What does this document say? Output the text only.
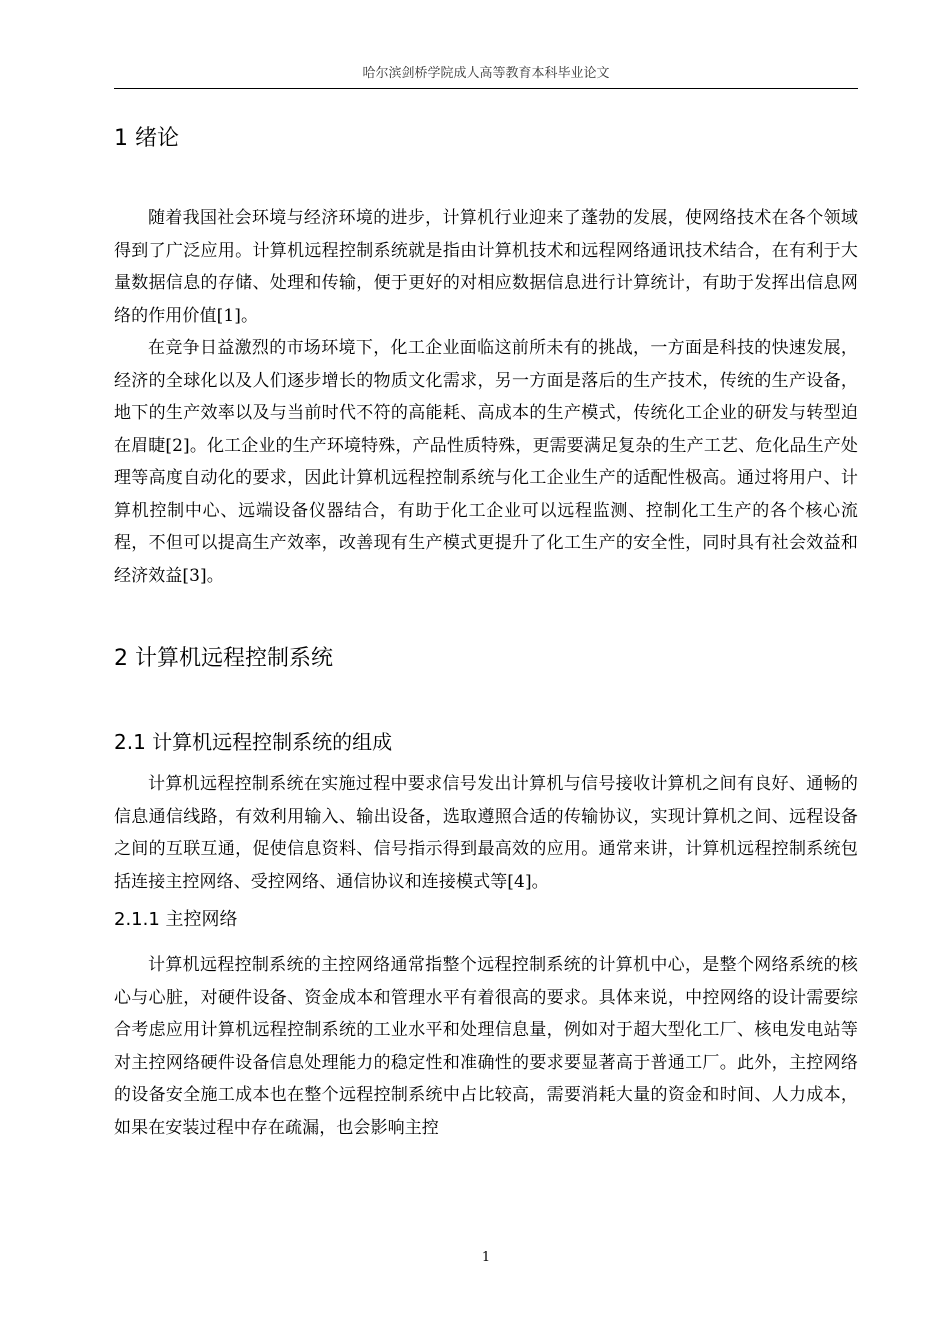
哈尔滨剑桥学院成人高等教育本科毕业论文
1 绪论

随着我国社会环境与经济环境的进步，计算机行业迎来了蓬勃的发展，使网络技术在各个领域得到了广泛应用。计算机远程控制系统就是指由计算机技术和远程网络通讯技术结合，在有利于大量数据信息的存储、处理和传输，便于更好的对相应数据信息进行计算统计，有助于发挥出信息网络的作用价值[1]。

在竞争日益激烈的市场环境下，化工企业面临这前所未有的挑战，一方面是科技的快速发展，经济的全球化以及人们逐步增长的物质文化需求，另一方面是落后的生产技术，传统的生产设备，地下的生产效率以及与当前时代不符的高能耗、高成本的生产模式，传统化工企业的研发与转型迫在眉睫[2]。化工企业的生产环境特殊，产品性质特殊，更需要满足复杂的生产工艺、危化品生产处理等高度自动化的要求，因此计算机远程控制系统与化工企业生产的适配性极高。通过将用户、计算机控制中心、远端设备仪器结合，有助于化工企业可以远程监测、控制化工生产的各个核心流程，不但可以提高生产效率，改善现有生产模式更提升了化工生产的安全性，同时具有社会效益和经济效益[3]。

2 计算机远程控制系统
2.1 计算机远程控制系统的组成

计算机远程控制系统在实施过程中要求信号发出计算机与信号接收计算机之间有良好、通畅的信息通信线路，有效利用输入、输出设备，选取遵照合适的传输协议，实现计算机之间、远程设备之间的互联互通，促使信息资料、信号指示得到最高效的应用。通常来讲，计算机远程控制系统包括连接主控网络、受控网络、通信协议和连接模式等[4]。

2.1.1 主控网络

计算机远程控制系统的主控网络通常指整个远程控制系统的计算机中心，是整个网络系统的核心与心脏，对硬件设备、资金成本和管理水平有着很高的要求。具体来说，中控网络的设计需要综合考虑应用计算机远程控制系统的工业水平和处理信息量，例如对于超大型化工厂、核电发电站等对主控网络硬件设备信息处理能力的稳定性和准确性的要求要显著高于普通工厂。此外，主控网络的设备安全施工成本也在整个远程控制系统中占比较高，需要消耗大量的资金和时间、人力成本，如果在安装过程中存在疏漏，也会影响主控

1
